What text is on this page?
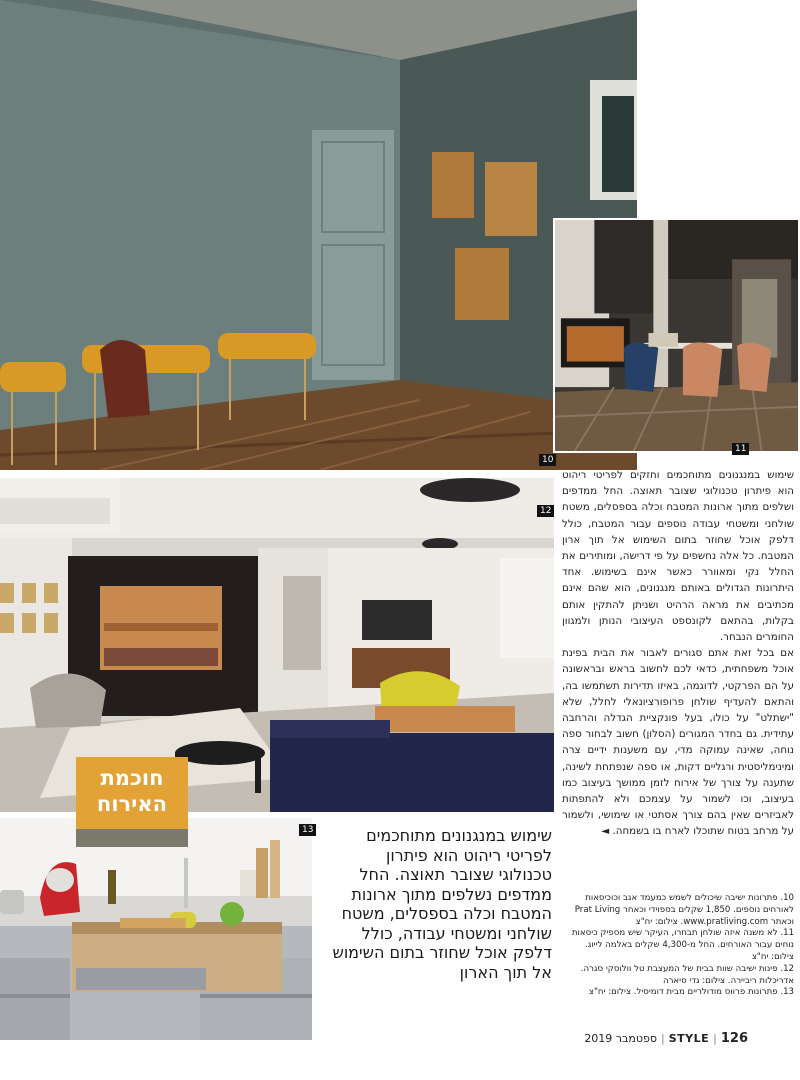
10
11
12
13
חוכמת
האירוח

שימוש במנגנונים מתוחכמים וחזקים לפריטי ריהוט הוא פיתרון טכנולוגי שצובר תאוצה. החל ממדפים ושלפים מתוך ארונות המטבח וכלה בספסלים, משטח שולחני ומשטחי עבודה נוספים עבור המטבח, כולל דלפק אוכל שחוזר בתום השימוש אל תוך ארון המטבח. כל אלה נחשפים על פי דרישה, ומותירים את החלל נקי ומאוורר כאשר אינם בשימוש. אחד היתרונות הגדולים באותם מנגנונים, הוא שהם אינם מכתיבים את מראה הרהיט ושניתן להתקין אותם בקלות, בהתאם לקונספט העיצובי הנותן ולמגוון החומרים הנבחר.

אם בכל זאת אתם סגורים לאבור את הבית בפינת אוכל משפחתית, כדאי לכם לחשוב בראש ובראשונה על הם הפרקטי, לדוגמה, באיזו תדירות תשתמשו בה, והתאם להעדיף שולחן פרופורציונאלי לחלל, שלא "ישתלט" על כולו, בעל פונקציית הגדלה והרחבה עתידית. גם בחדר המגורים (הסלון) חשוב לבחור ספה נוחה, שאינה עמוקה מדי, עם משענות ידיים צרה ומינימליסטית ורגליים דקות, או ספה שנפתחת לשינה, שתענה על צורך של אירוח לזמן ממושך בעיצוב כמו בעיצוב, וכו לשמור על עצמכם ולא להתפתות לאביזרים שאין בהם צורך אסתטי או שימושי, ולשמור על מרחב בטוח שתוכלו לארח בו בשמחה. ◄

שימוש במנגנונים מתוחכמים לפריטי ריהוט הוא פיתרון טכנולוגי שצובר תאוצה. החל ממדפים נשלפים מתוך ארונות המטבח וכלה בספסלים, משטח שולחני ומשטחי עבודה, כולל דלפק אוכל שחוזר בתום השימוש אל תוך הארון

10. פתרונות ישיבה שיכולים לשמש כמעמד אגב וכוכיסאות לאורחים נוספים. 1,850 שקלים בספוידי וכאחר Prat Living וכאתר www.pratliving.com. צילום: יח"צ

11. לא משנה איזה שולחן תבחרו, העיקר שיש מספיק כיסאות נוחים עבור האורחים. החל מ-4,300 שקלים באלמה לייוג. צילום: יח"צ

12. פינות ישיבה שוות בבית של המעצבת טל וולוסקי סגרה. אדריכלות ריביירה. צילום: גדי סיארה

13. פתרונות פרווס מודולריים מבית דומיסיל. צילום: יח"צ

126|STYLE|ספטמבר 2019
